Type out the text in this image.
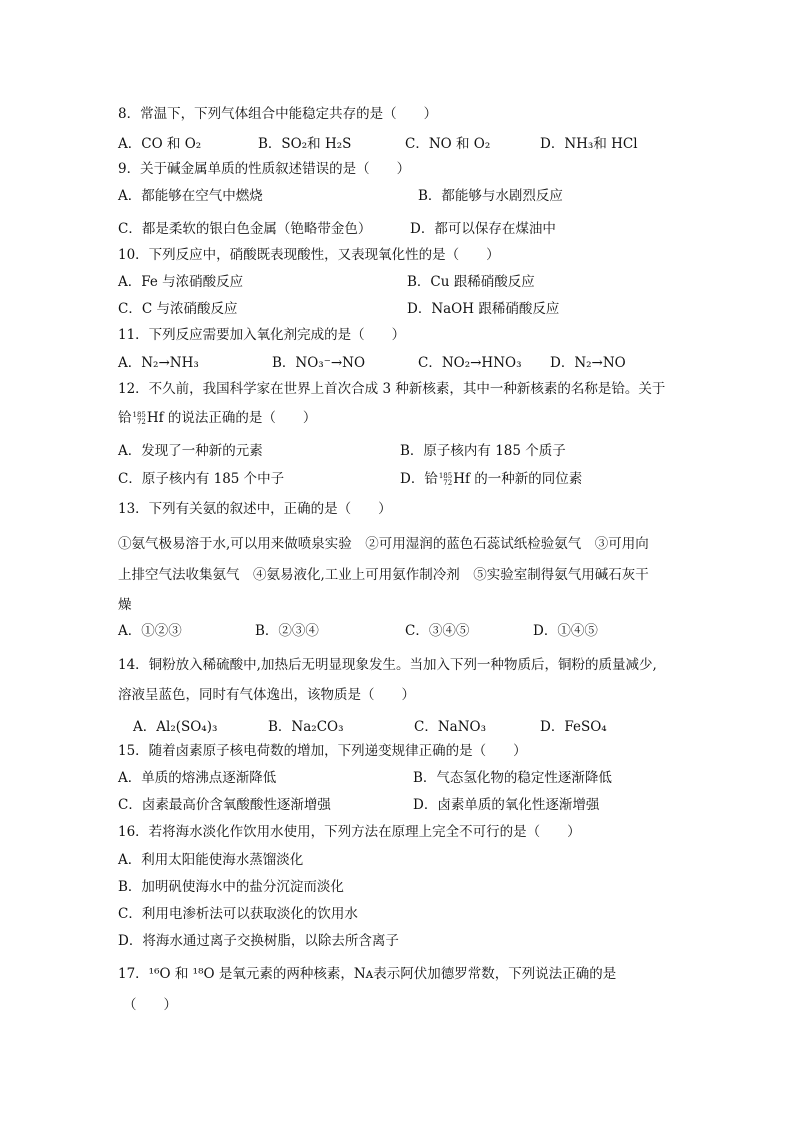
8．常温下，下列气体组合中能稳定共存的是（　　）
A．CO 和 O₂	B．SO₂和 H₂S	C．NO 和 O₂	D．NH₃和 HCl
9．关于碱金属单质的性质叙述错误的是（　　）
A．都能够在空气中燃烧	B．都能够与水剧烈反应
C．都是柔软的银白色金属（铯略带金色）	D．都可以保存在煤油中
10．下列反应中，硝酸既表现酸性，又表现氧化性的是（　　）
A．Fe 与浓硝酸反应	B．Cu 跟稀硝酸反应
C．C 与浓硝酸反应	D．NaOH 跟稀硝酸反应
11．下列反应需要加入氧化剂完成的是（　　）
A．N₂→NH₃	B．NO₃⁻→NO	C．NO₂→HNO₃ D．N₂→NO
12．不久前，我国科学家在世界上首次合成 3 种新核素，其中一种新核素的名称是铪。关于
铪 185
72 Hf 的说法正确的是（　　）
A．发现了一种新的元素	B．原子核内有 185 个质子
C．原子核内有 185 个中子	D．铪 185
72 Hf 的一种新的同位素
13．下列有关氨的叙述中，正确的是（　　）
①氨气极易溶于水,可以用来做喷泉实验　②可用湿润的蓝色石蕊试纸检验氨气　③可用向
上排空气法收集氨气　④氨易液化,工业上可用氨作制冷剂　⑤实验室制得氨气用碱石灰干
燥
A．①②③	B．②③④	C．③④⑤	D．①④⑤
14．铜粉放入稀硫酸中,加热后无明显现象发生。当加入下列一种物质后，铜粉的质量减少,
溶液呈蓝色，同时有气体逸出，该物质是（　　）
A．Al₂(SO₄)₃	B．Na₂CO₃	C．NaNO₃	D．FeSO₄
15．随着卤素原子核电荷数的增加，下列递变规律正确的是（　　）
A．单质的熔沸点逐渐降低	B．气态氢化物的稳定性逐渐降低
C．卤素最高价含氧酸酸性逐渐增强	D．卤素单质的氧化性逐渐增强
16．若将海水淡化作饮用水使用，下列方法在原理上完全不可行的是（　　）
A．利用太阳能使海水蒸馏淡化
B．加明矾使海水中的盐分沉淀而淡化
C．利用电渗析法可以获取淡化的饮用水
D．将海水通过离子交换树脂，以除去所含离子
17．¹⁶O 和 ¹⁸O 是氧元素的两种核素，Nᴀ表示阿伏加德罗常数，下列说法正确的是
（　　）
